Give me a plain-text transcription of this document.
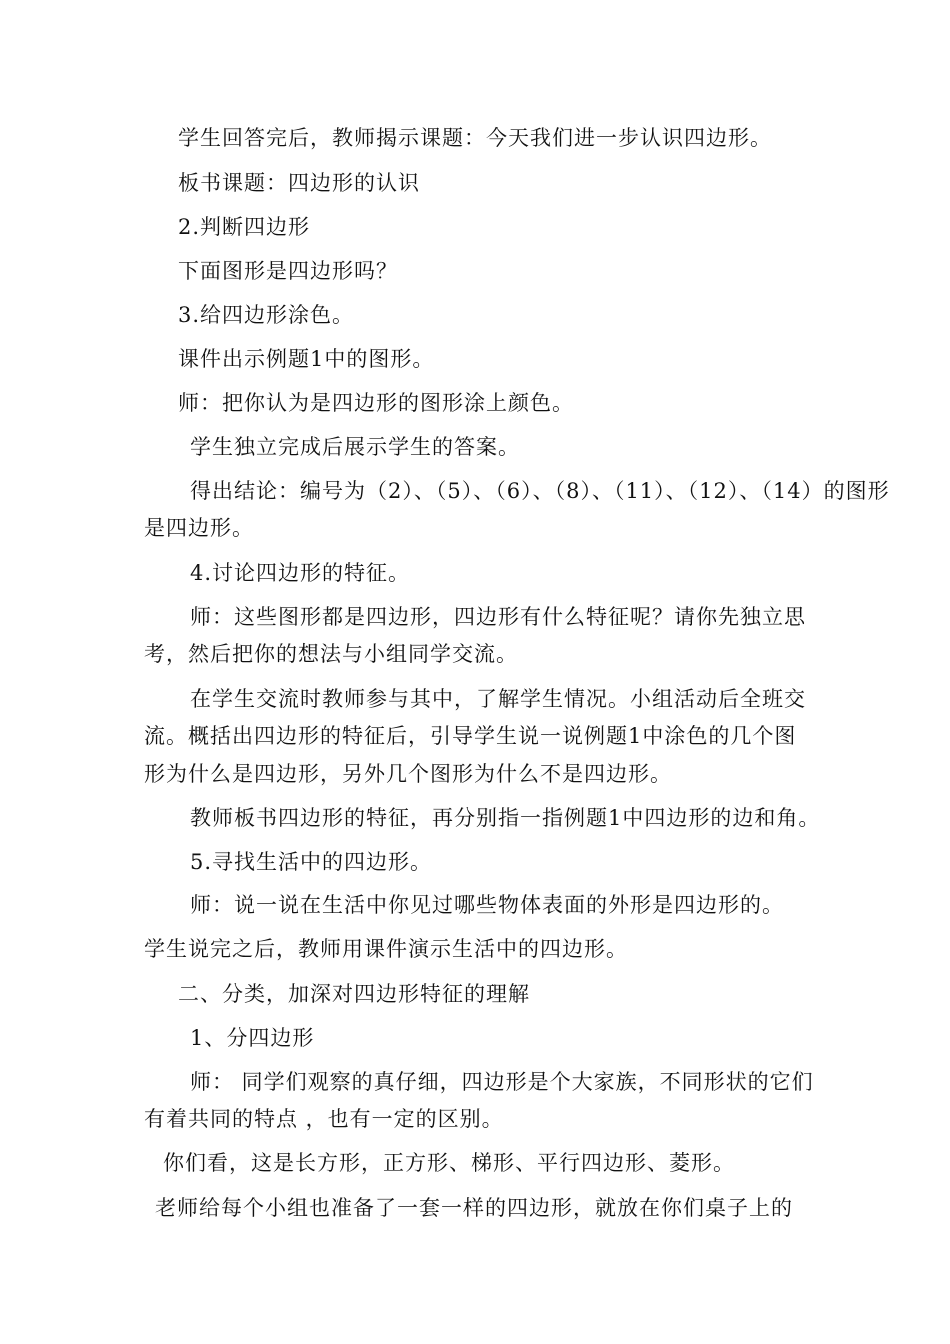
学生回答完后，教师揭示课题：今天我们进一步认识四边形。

板书课题：四边形的认识

2.判断四边形

下面图形是四边形吗？

3.给四边形涂色。

课件出示例题1中的图形。

师：把你认为是四边形的图形涂上颜色。

学生独立完成后展示学生的答案。

得出结论：编号为（2）、（5）、（6）、（8）、（11）、（12）、（14）的图形

是四边形。

4.讨论四边形的特征。

师：这些图形都是四边形，四边形有什么特征呢？请你先独立思

考，然后把你的想法与小组同学交流。

在学生交流时教师参与其中，了解学生情况。小组活动后全班交

流。概括出四边形的特征后，引导学生说一说例题1中涂色的几个图

形为什么是四边形，另外几个图形为什么不是四边形。

教师板书四边形的特征，再分别指一指例题1中四边形的边和角。

5.寻找生活中的四边形。

师：说一说在生活中你见过哪些物体表面的外形是四边形的。

学生说完之后，教师用课件演示生活中的四边形。

二、分类，加深对四边形特征的理解

1、分四边形

师： 同学们观察的真仔细，四边形是个大家族，不同形状的它们

有着共同的特点 ，也有一定的区别。

你们看，这是长方形，正方形、梯形、平行四边形、菱形。

老师给每个小组也准备了一套一样的四边形，就放在你们桌子上的
